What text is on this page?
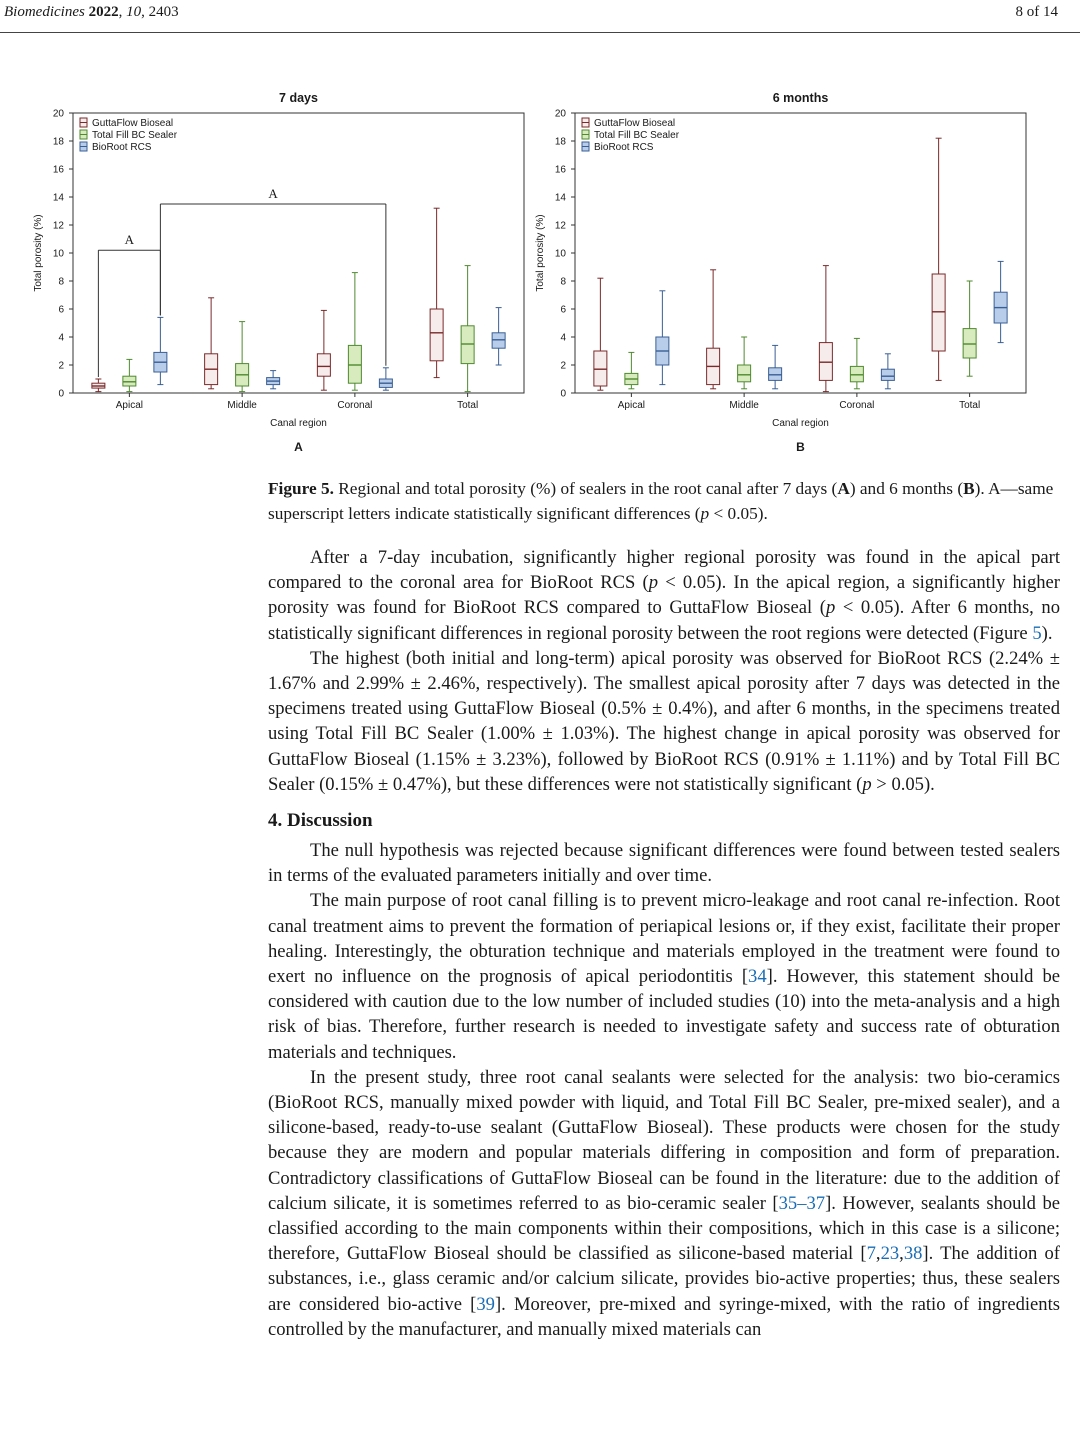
Biomedicines 2022, 10, 2403	8 of 14
7 days
0
2
4
6
8
10
12
14
16
18
20
Total porosity (%)
Apical	Middle	Coronal	Total
Canal region
A
GuttaFlow Bioseal
Total Fill BC Sealer
BioRoot RCS
A
A
6 months
0
2
4
6
8
10
12
14
16
18
20
Total porosity (%)
Apical	Middle	Coronal	Total
Canal region
B
GuttaFlow Bioseal
Total Fill BC Sealer
BioRoot RCS
Figure 5. Regional and total porosity (%) of sealers in the root canal after 7 days (A) and 6 months (B). A—same superscript letters indicate statistically significant differences (p < 0.05).

After a 7-day incubation, significantly higher regional porosity was found in the apical part compared to the coronal area for BioRoot RCS (p < 0.05). In the apical region, a significantly higher porosity was found for BioRoot RCS compared to GuttaFlow Bioseal (p < 0.05). After 6 months, no statistically significant differences in regional porosity between the root regions were detected (Figure 5).

The highest (both initial and long-term) apical porosity was observed for BioRoot RCS (2.24% ± 1.67% and 2.99% ± 2.46%, respectively). The smallest apical porosity after 7 days was detected in the specimens treated using GuttaFlow Bioseal (0.5% ± 0.4%), and after 6 months, in the specimens treated using Total Fill BC Sealer (1.00% ± 1.03%). The highest change in apical porosity was observed for GuttaFlow Bioseal (1.15% ± 3.23%), followed by BioRoot RCS (0.91% ± 1.11%) and by Total Fill BC Sealer (0.15% ± 0.47%), but these differences were not statistically significant (p > 0.05).

4. Discussion

The null hypothesis was rejected because significant differences were found between tested sealers in terms of the evaluated parameters initially and over time.

The main purpose of root canal filling is to prevent micro-leakage and root canal re-infection. Root canal treatment aims to prevent the formation of periapical lesions or, if they exist, facilitate their proper healing. Interestingly, the obturation technique and materials employed in the treatment were found to exert no influence on the prognosis of apical periodontitis [34]. However, this statement should be considered with caution due to the low number of included studies (10) into the meta-analysis and a high risk of bias. Therefore, further research is needed to investigate safety and success rate of obturation materials and techniques.

In the present study, three root canal sealants were selected for the analysis: two bio-ceramics (BioRoot RCS, manually mixed powder with liquid, and Total Fill BC Sealer, pre-mixed sealer), and a silicone-based, ready-to-use sealant (GuttaFlow Bioseal). These products were chosen for the study because they are modern and popular materials differing in composition and form of preparation. Contradictory classifications of GuttaFlow Bioseal can be found in the literature: due to the addition of calcium silicate, it is sometimes referred to as bio-ceramic sealer [35–37]. However, sealants should be classified according to the main components within their compositions, which in this case is a silicone; therefore, GuttaFlow Bioseal should be classified as silicone-based material [7,23,38]. The addition of substances, i.e., glass ceramic and/or calcium silicate, provides bio-active properties; thus, these sealers are considered bio-active [39]. Moreover, pre-mixed and syringe-mixed, with the ratio of ingredients controlled by the manufacturer, and manually mixed materials can
